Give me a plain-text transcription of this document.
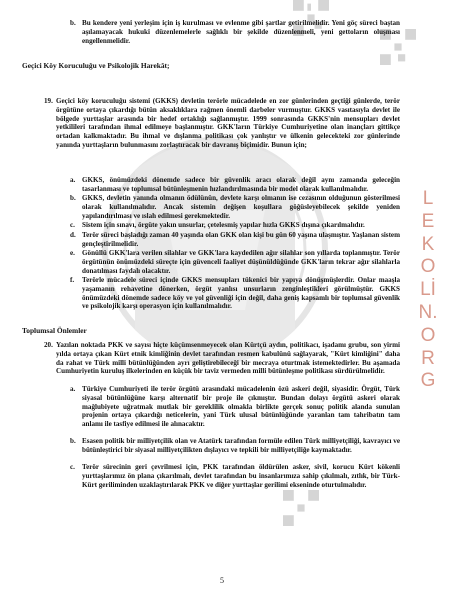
LEKOLİN.ORG
b. Bu kendere yeni yerleşim için iş kurulması ve evlenme gibi şartlar getirilmelidir. Yeni göç süreci baştan aşılamayacak hukuki düzenlemelerle sağlıklı bir şekilde düzenlenmeli, yeni gettoların oluşması engellenmelidir.
Geçici Köy Koruculuğu ve Psikolojik Harekât;
19. Geçici köy koruculuğu sistemi (GKKS) devletin terörle mücadelede en zor günlerinden geçtiği günlerde, terör örgütüne ortaya çıkardığı bütün aksaklıklara rağmen önemli darbeler vurmuştur. GKKS vasıtasıyla devlet ile bölgede yurttaşlar arasında bir hedef ortaklığı sağlanmıştır. 1999 sonrasında GKKS'nin mensupları devlet yetkilileri tarafından ihmal edilmeye başlanmıştır. GKK'ların Türkiye Cumhuriyetine olan inançları gittikçe ortadan kalkmaktadır. Bu ihmal ve dışlanma politikası çok yanlıştır ve ülkenin gelecekteki zor günlerinde yanında yurttaşların bulunmasını zorlaştıracak bir davranış biçimidir. Bunun için;
a. GKKS, önümüzdeki dönemde sadece bir güvenlik aracı olarak değil aynı zamanda geleceğin tasarlanması ve toplumsal bütünleşmenin hızlandırılmasında bir model olarak kullanılmalıdır.
b. GKKS, devletin yanında olmanın ödülünün, devlete karşı olmanın ise cezasının olduğunun gösterilmesi olarak kullanılmalıdır. Ancak sistemin değişen koşullara göğüsleyebilecek şekilde yeniden yapılandırılması ve ıslah edilmesi gerekmektedir.
c. Sistem için sınavı, örgüte yakın unsurlar, çetelesmiş yapılar hızla GKKS dışına çıkarılmalıdır.
d. Terör süreci başladığı zaman 40 yaşında olan GKK olan kişi bu gün 60 yaşına ulaşmıştır. Yaşlanan sistem gençleştirilmelidir.
e. Gönüllü GKK'lara verilen silahlar ve GKK'lara kaydedilen ağır silahlar son yıllarda toplanmıştır. Terör örgütünün önümüzdeki süreçte için güvenceli faaliyet düşünüldüğünde GKK'ların tekrar ağır silahlarla donatılması faydalı olacaktır.
f. Terörle mücadele süreci içinde GKKS mensupları tükenici bir yapıya dönüşmüşlerdir. Onlar maaşla yaşamanın rehavetine dönerken, örgüt yanlısı unsurların zenginleştikleri görülmüştür. GKKS önümüzdeki dönemde sadece köy ve yol güvenliği için değil, daha geniş kapsamlı bir toplumsal güvenlik ve psikolojik karşı operasyon için kullanılmalıdır.
Toplumsal Önlemler
20. Yazılan noktada PKK ve sayısı hiçte küçümsenmeyecek olan Kürtçü aydın, politikacı, işadamı grubu, son yirmi yılda ortaya çıkan Kürt etnik kimliğinin devlet tarafından resmen kabulünü sağlayarak, "Kürt kimliğini" daha da rahat ve Türk milli bütünlüğünden ayrı geliştirebileceği bir mecraya oturtmak istemektedirler. Bu aşamada Cumhuriyetin kuruluş ilkelerinden en küçük bir taviz vermeden milli bütünleşme politikası sürdürülmelidir.
a. Türkiye Cumhuriyeti ile terör örgütü arasındaki mücadelenin özü askeri değil, siyasidir. Örgüt, Türk siyasal bütünlüğüne karşı alternatif bir proje ile çıkmıştır. Bundan dolayı örgütü askeri olarak mağlubiyete uğratmak mutlak bir gereklilik olmakla birlikte gerçek sonuç politik alanda sunulan projenin ortaya çıkardığı neticelerin, yani Türk ulusal bütünlüğünde yaranlan tam tahribatın tam anlamı ile tasfiye edilmesi ile alınacaktır.
b. Esasen politik bir milliyetçilik olan ve Atatürk tarafından formüle edilen Türk milliyetçiliği, kavrayıcı ve bütünleştirici bir siyasal milliyetçilikten dışlayıcı ve tepkili bir milliyetçiliğe kaymaktadır.
c. Terör sürecinin geri çevrilmesi için, PKK tarafından öldürülen asker, sivil, korucu Kürt kökenli yurttaşlarımız ön plana çıkarılmalı, devlet tarafından bu insanlarımıza sahip çıkılmalı, zıtlık, bir Türk-Kürt geriliminden uzaklaştırılarak PKK ve diğer yurttaşlar gerilimi ekseninde oturtulmalıdır.
5
